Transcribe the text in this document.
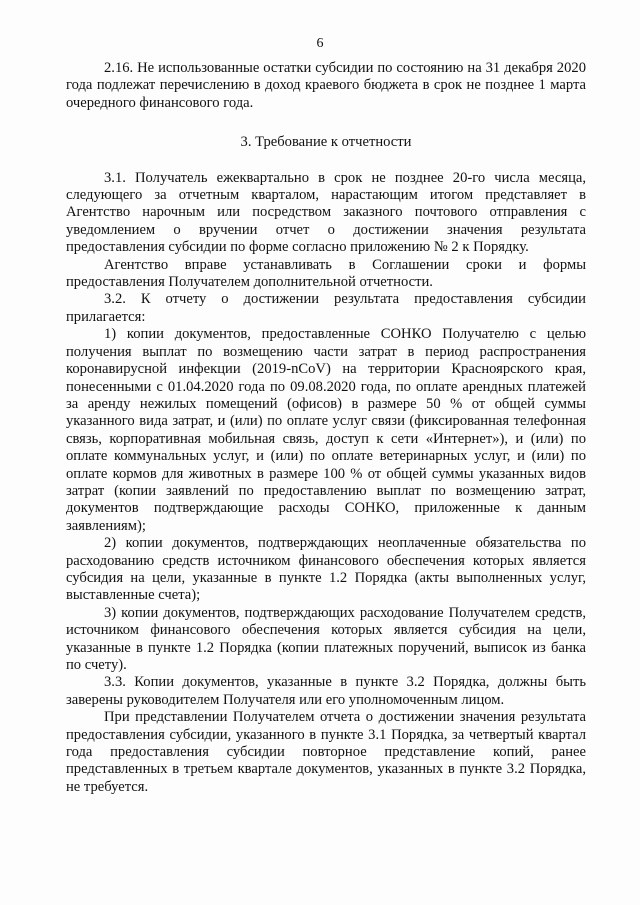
6

2.16. Не использованные остатки субсидии по состоянию на 31 декабря 2020 года подлежат перечислению в доход краевого бюджета в срок не позднее 1 марта очередного финансового года.

3. Требование к отчетности

3.1. Получатель ежеквартально в срок не позднее 20-го числа месяца, следующего за отчетным кварталом, нарастающим итогом представляет в Агентство нарочным или посредством заказного почтового отправления с уведомлением о вручении отчет о достижении значения результата предоставления субсидии по форме согласно приложению № 2 к Порядку.

Агентство вправе устанавливать в Соглашении сроки и формы предоставления Получателем дополнительной отчетности.

3.2. К отчету о достижении результата предоставления субсидии прилагается:

1) копии документов, предоставленные СОНКО Получателю с целью получения выплат по возмещению части затрат в период распространения коронавирусной инфекции (2019-nCoV) на территории Красноярского края, понесенными с 01.04.2020 года по 09.08.2020 года, по оплате арендных платежей за аренду нежилых помещений (офисов) в размере 50 % от общей суммы указанного вида затрат, и (или) по оплате услуг связи (фиксированная телефонная связь, корпоративная мобильная связь, доступ к сети «Интернет»), и (или) по оплате коммунальных услуг, и (или) по оплате ветеринарных услуг, и (или) по оплате кормов для животных в размере 100 % от общей суммы указанных видов затрат (копии заявлений по предоставлению выплат по возмещению затрат, документов подтверждающие расходы СОНКО, приложенные к данным заявлениям);

2) копии документов, подтверждающих неоплаченные обязательства по расходованию средств источником финансового обеспечения которых является субсидия на цели, указанные в пункте 1.2 Порядка (акты выполненных услуг, выставленные счета);

3) копии документов, подтверждающих расходование Получателем средств, источником финансового обеспечения которых является субсидия на цели, указанные в пункте 1.2 Порядка (копии платежных поручений, выписок из банка по счету).

3.3. Копии документов, указанные в пункте 3.2 Порядка, должны быть заверены руководителем Получателя или его уполномоченным лицом.

При представлении Получателем отчета о достижении значения результата предоставления субсидии, указанного в пункте 3.1 Порядка, за четвертый квартал года предоставления субсидии повторное представление копий, ранее представленных в третьем квартале документов, указанных в пункте 3.2 Порядка, не требуется.
